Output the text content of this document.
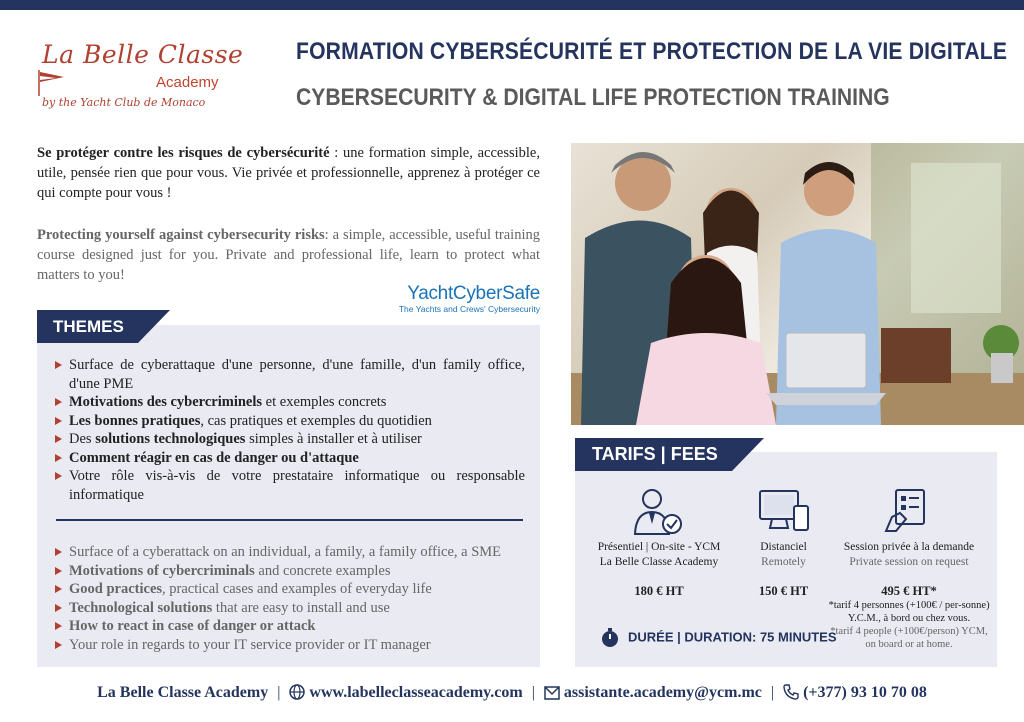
La Belle Classe
Academy
by the Yacht Club de Monaco
FORMATION CYBERSÉCURITÉ ET PROTECTION DE LA VIE DIGITALE
CYBERSECURITY & DIGITAL LIFE PROTECTION TRAINING

Se protéger contre les risques de cybersécurité : une formation simple, accessible, utile, pensée rien que pour vous. Vie privée et professionnelle, apprenez à protéger ce qui compte pour vous !

Protecting yourself against cybersecurity risks: a simple, accessible, useful training course designed just for you. Private and professional life, learn to protect what matters to you!

YachtCyberSafe
The Yachts and Crews' Cybersecurity
THEMES
Surface de cyberattaque d'une personne, d'une famille, d'un family office, d'une PME
Motivations des cybercriminels et exemples concrets
Les bonnes pratiques, cas pratiques et exemples du quotidien
Des solutions technologiques simples à installer et à utiliser
Comment réagir en cas de danger ou d'attaque
Votre rôle vis-à-vis de votre prestataire informatique ou responsable informatique
Surface of a cyberattack on an individual, a family, a family office, a SME
Motivations of cybercriminals and concrete examples
Good practices, practical cases and examples of everyday life
Technological solutions that are easy to install and use
How to react in case of danger or attack
Your role in regards to your IT service provider or IT manager
TARIFS | FEES
Présentiel | On-site - YCM
La Belle Classe Academy
180 € HT
Distanciel
Remotely
150 € HT
Session privée à la demande
Private session on request
495 € HT*
*tarif 4 personnes (+100€ / per-sonne) Y.C.M., à bord ou chez vous.
*tarif 4 people (+100€/person) YCM, on board or at home.
DURÉE | DURATION: 75 MINUTES
La Belle Classe Academy | www.labelleclasseacademy.com | assistante.academy@ycm.mc | (+377) 93 10 70 08
